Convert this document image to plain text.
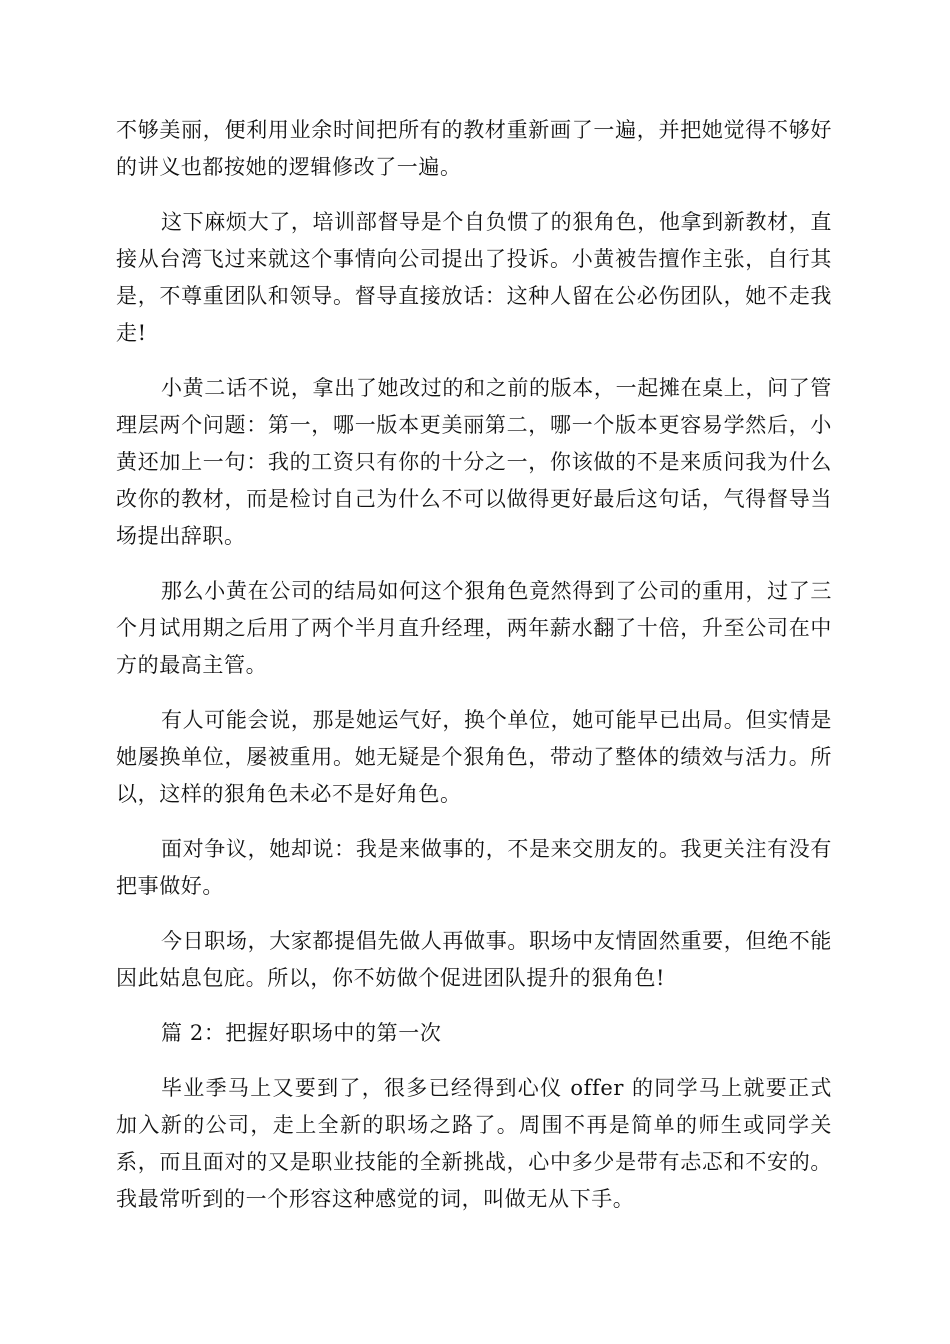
不够美丽，便利用业余时间把所有的教材重新画了一遍，并把她觉得不够好的讲义也都按她的逻辑修改了一遍。

这下麻烦大了，培训部督导是个自负惯了的狠角色，他拿到新教材，直接从台湾飞过来就这个事情向公司提出了投诉。小黄被告擅作主张，自行其是，不尊重团队和领导。督导直接放话：这种人留在公必伤团队，她不走我走!

小黄二话不说，拿出了她改过的和之前的版本，一起摊在桌上，问了管理层两个问题：第一，哪一版本更美丽第二，哪一个版本更容易学然后，小黄还加上一句：我的工资只有你的十分之一，你该做的不是来质问我为什么改你的教材，而是检讨自己为什么不可以做得更好最后这句话，气得督导当场提出辞职。

那么小黄在公司的结局如何这个狠角色竟然得到了公司的重用，过了三个月试用期之后用了两个半月直升经理，两年薪水翻了十倍，升至公司在中方的最高主管。

有人可能会说，那是她运气好，换个单位，她可能早已出局。但实情是她屡换单位，屡被重用。她无疑是个狠角色，带动了整体的绩效与活力。所以，这样的狠角色未必不是好角色。

面对争议，她却说：我是来做事的，不是来交朋友的。我更关注有没有把事做好。

今日职场，大家都提倡先做人再做事。职场中友情固然重要，但绝不能因此姑息包庇。所以，你不妨做个促进团队提升的狠角色!

篇 2：把握好职场中的第一次

毕业季马上又要到了，很多已经得到心仪 offer 的同学马上就要正式加入新的公司，走上全新的职场之路了。周围不再是简单的师生或同学关系，而且面对的又是职业技能的全新挑战，心中多少是带有忐忑和不安的。我最常听到的一个形容这种感觉的词，叫做无从下手。
